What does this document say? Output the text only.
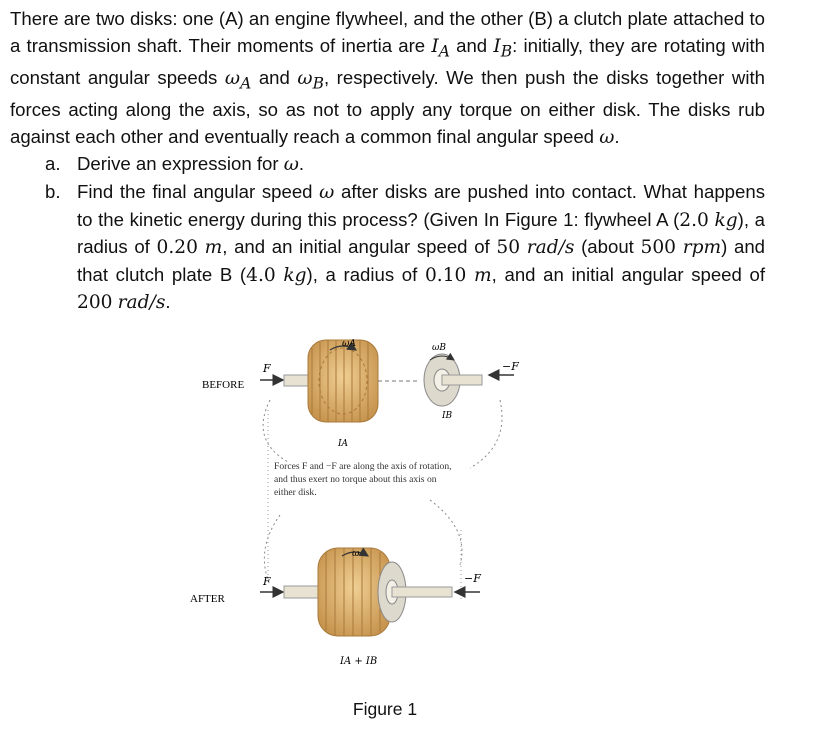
There are two disks: one (A) an engine flywheel, and the other (B) a clutch plate attached to a transmission shaft. Their moments of inertia are $I_A$ and $I_B$: initially, they are rotating with constant angular speeds $\omega_A$ and $\omega_B$, respectively. We then push the disks together with forces acting along the axis, so as not to apply any torque on either disk. The disks rub against each other and eventually reach a common final angular speed ω.

a. Derive an expression for ω.
b. Find the final angular speed ω after disks are pushed into contact. What happens to the kinetic energy during this process? (Given In Figure 1: flywheel A (2.0 kg), a radius of 0.20 m, and an initial angular speed of 50 rad/s (about 500 rpm) and that clutch plate B (4.0 kg), a radius of 0.10 m, and an initial angular speed of 200 rad/s.
BEFORE
F
ωA	ωB
−F
IB
IA
Forces F and −F are along the axis of rotation,
and thus exert no torque about this axis on
either disk.
AFTER
F
ω
−F
IA + IB
Figure 1
